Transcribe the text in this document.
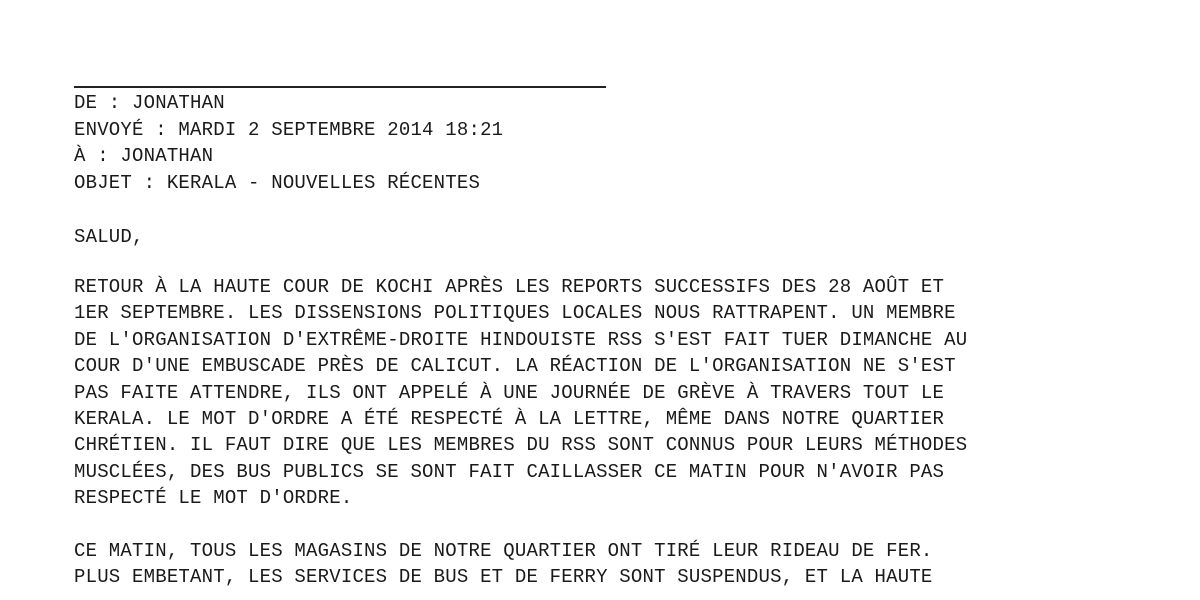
DE : JONATHAN
ENVOYÉ : MARDI 2 SEPTEMBRE 2014 18:21
À : JONATHAN
OBJET : KERALA - NOUVELLES RÉCENTES
SALUD,
RETOUR À LA HAUTE COUR DE KOCHI APRÈS LES REPORTS SUCCESSIFS DES 28 AOÛT ET
1ER SEPTEMBRE. LES DISSENSIONS POLITIQUES LOCALES NOUS RATTRAPENT. UN MEMBRE
DE L'ORGANISATION D'EXTRÊME-DROITE HINDOUISTE RSS S'EST FAIT TUER DIMANCHE AU
COUR D'UNE EMBUSCADE PRÈS DE CALICUT. LA RÉACTION DE L'ORGANISATION NE S'EST
PAS FAITE ATTENDRE, ILS ONT APPELÉ À UNE JOURNÉE DE GRÈVE À TRAVERS TOUT LE
KERALA. LE MOT D'ORDRE A ÉTÉ RESPECTÉ À LA LETTRE, MÊME DANS NOTRE QUARTIER
CHRÉTIEN. IL FAUT DIRE QUE LES MEMBRES DU RSS SONT CONNUS POUR LEURS MÉTHODES
MUSCLÉES, DES BUS PUBLICS SE SONT FAIT CAILLASSER CE MATIN POUR N'AVOIR PAS
RESPECTÉ LE MOT D'ORDRE.
CE MATIN, TOUS LES MAGASINS DE NOTRE QUARTIER ONT TIRÉ LEUR RIDEAU DE FER.
PLUS EMBETANT, LES SERVICES DE BUS ET DE FERRY SONT SUSPENDUS, ET LA HAUTE
